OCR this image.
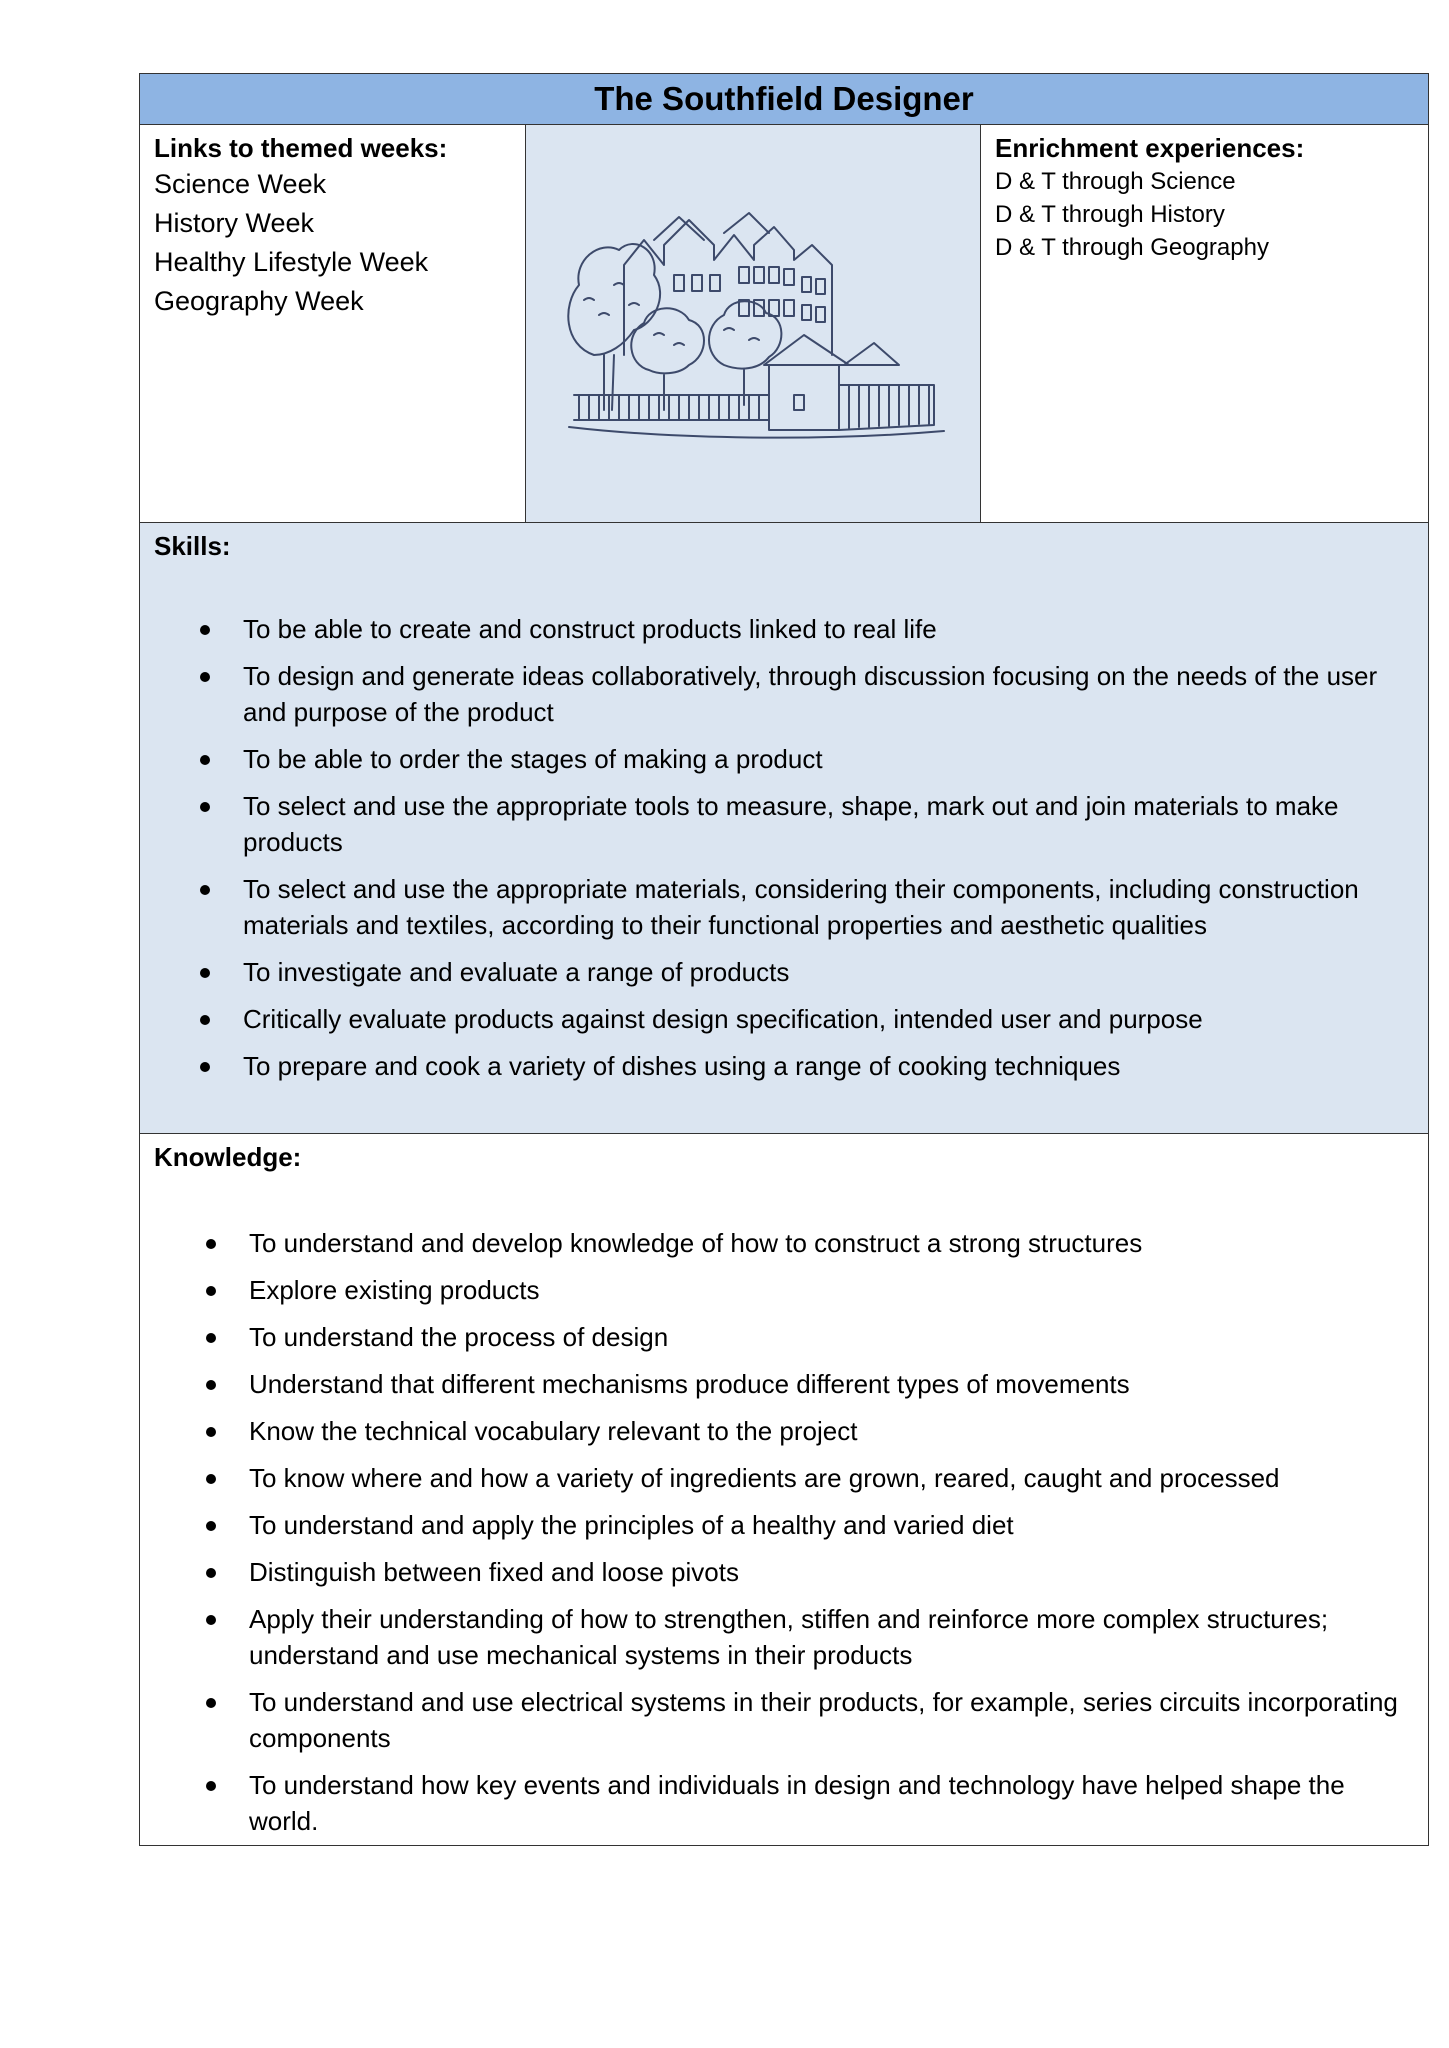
The Southfield Designer
Links to themed weeks:
Science Week
History Week
Healthy Lifestyle Week
Geography Week
Enrichment experiences:
D & T through Science
D & T through History
D & T through Geography
Skills:
To be able to create and construct products linked to real life
To design and generate ideas collaboratively, through discussion focusing on the needs of the user and purpose of the product
To be able to order the stages of making a product
To select and use the appropriate tools to measure, shape, mark out and join materials to make products
To select and use the appropriate materials, considering their components, including construction materials and textiles, according to their functional properties and aesthetic qualities
To investigate and evaluate a range of products
Critically evaluate products against design specification, intended user and purpose
To prepare and cook a variety of dishes using a range of cooking techniques
Knowledge:
To understand and develop knowledge of how to construct a strong structures
Explore existing products
To understand the process of design
Understand that different mechanisms produce different types of movements
Know the technical vocabulary relevant to the project
To know where and how a variety of ingredients are grown, reared, caught and processed
To understand and apply the principles of a healthy and varied diet
Distinguish between fixed and loose pivots
Apply their understanding of how to strengthen, stiffen and reinforce more complex structures; understand and use mechanical systems in their products
To understand and use electrical systems in their products, for example, series circuits incorporating components
To understand how key events and individuals in design and technology have helped shape the world.
